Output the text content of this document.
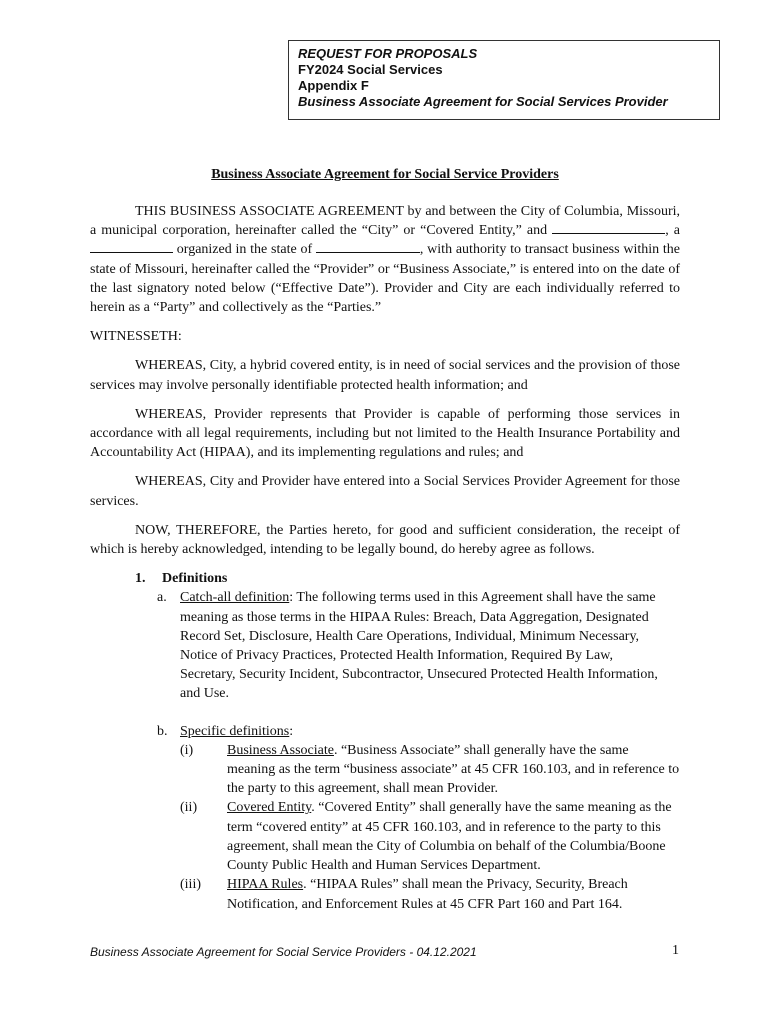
REQUEST FOR PROPOSALS
FY2024 Social Services
Appendix F
Business Associate Agreement for Social Services Provider
Business Associate Agreement for Social Service Providers

THIS BUSINESS ASSOCIATE AGREEMENT by and between the City of Columbia, Missouri, a municipal corporation, hereinafter called the “City” or “Covered Entity,” and	, a  organized in the state of	, with authority to transact business within the state of Missouri, hereinafter called the “Provider” or “Business Associate,” is entered into on the date of the last signatory noted below (“Effective Date”). Provider and City are each individually referred to herein as a “Party” and collectively as the “Parties.”

WITNESSETH:

WHEREAS, City, a hybrid covered entity, is in need of social services and the provision of those services may involve personally identifiable protected health information; and

WHEREAS, Provider represents that Provider is capable of performing those services in accordance with all legal requirements, including but not limited to the Health Insurance Portability and Accountability Act (HIPAA), and its implementing regulations and rules; and

WHEREAS, City and Provider have entered into a Social Services Provider Agreement for those services.

NOW, THEREFORE, the Parties hereto, for good and sufficient consideration, the receipt of which is hereby acknowledged, intending to be legally bound, do hereby agree as follows.

1. Definitions

a. Catch-all definition: The following terms used in this Agreement shall have the same meaning as those terms in the HIPAA Rules: Breach, Data Aggregation, Designated Record Set, Disclosure, Health Care Operations, Individual, Minimum Necessary, Notice of Privacy Practices, Protected Health Information, Required By Law, Secretary, Security Incident, Subcontractor, Unsecured Protected Health Information, and Use.
b. Specific definitions:
(i)	Business Associate. “Business Associate” shall generally have the same meaning as the term “business associate” at 45 CFR 160.103, and in reference to the party to this agreement, shall mean Provider.
(ii)	Covered Entity. “Covered Entity” shall generally have the same meaning as the term “covered entity” at 45 CFR 160.103, and in reference to the party to this agreement, shall mean the City of Columbia on behalf of the Columbia/Boone County Public Health and Human Services Department.
(iii)	HIPAA Rules. “HIPAA Rules” shall mean the Privacy, Security, Breach Notification, and Enforcement Rules at 45 CFR Part 160 and Part 164.
Business Associate Agreement for Social Service Providers - 04.12.2021	1
